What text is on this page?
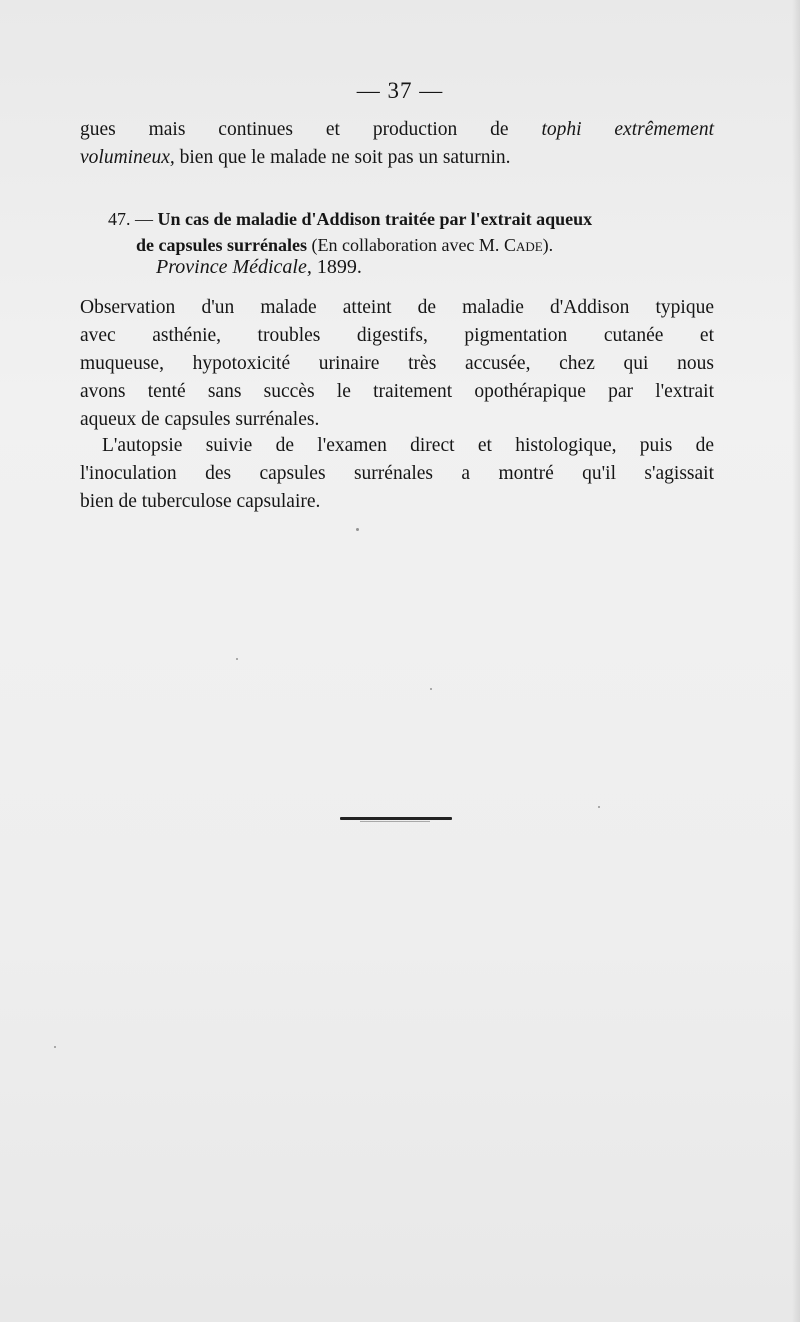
— 37 —
gues mais continues et production de tophi extrêmement
volumineux, bien que le malade ne soit pas un saturnin.
47. — Un cas de maladie d'Addison traitée par l'extrait aqueux
de capsules surrénales (En collaboration avec M. Cade).
Province Médicale, 1899.
Observation d'un malade atteint de maladie d'Addison typique
avec asthénie, troubles digestifs, pigmentation cutanée et
muqueuse, hypotoxicité urinaire très accusée, chez qui nous
avons tenté sans succès le traitement opothérapique par l'extrait
aqueux de capsules surrénales.
L'autopsie suivie de l'examen direct et histologique, puis de
l'inoculation des capsules surrénales a montré qu'il s'agissait
bien de tuberculose capsulaire.
